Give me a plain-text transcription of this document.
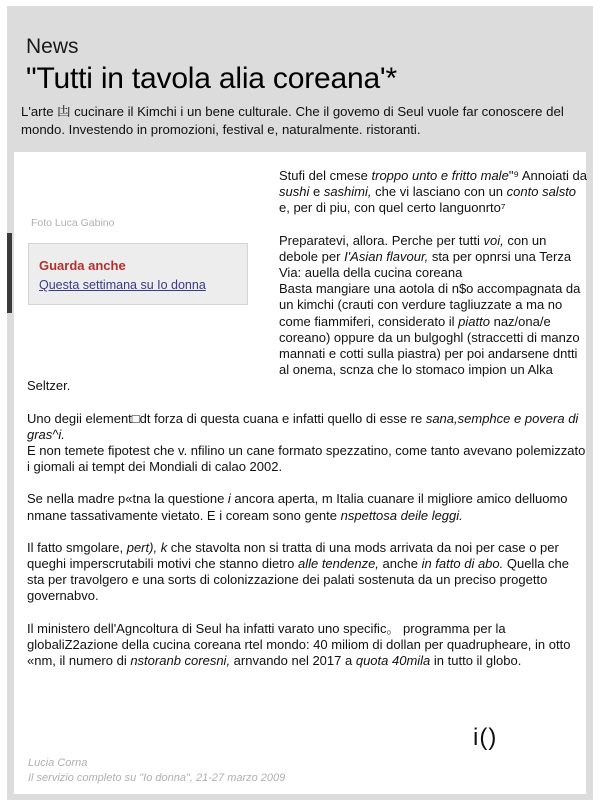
News
"Tutti in tavola alia coreana'*
L'arte 凷 cucinare il Kimchi i un bene culturale. Che il govemo di Seul vuole far conoscere del mondo. Investendo in promozioni, festival e, naturalmente. ristoranti.
Foto Luca Gabino
Guarda anche
Questa settimana su Io donna

Stufi del cmese troppo unto e fritto male"⁹ Annoiati da sushi e sashimi, che vi lasciano con un conto salsto e, per di piu, con quel certo languonrto⁷

Preparatevi, allora. Perche per tutti voi, con un debole per I'Asian flavour, sta per opnrsi una Terza Via: auella della cucina coreana
Basta mangiare una aotola di n$o accompagnata da un kimchi (crauti con verdure tagliuzzate a ma no come fiammiferi, considerato il piatto naz/ona/e coreano) oppure da un bulgoghl (straccetti di manzo mannati e cotti sulla piastra) per poi andarsene dntti al onema, scnza che lo stomaco impion un Alka Seltzer.

Uno degii element□dt forza di questa cuana e infatti quello di esse re sana,semphce e povera di gras^i.
E non temete fipotest che v. nfilino un cane formato spezzatino, come tanto avevano polemizzato i giomali ai tempt dei Mondiali di calao 2002.

Se nella madre p«tna la questione i ancora aperta, m Italia cuanare il migliore amico delluomo nmane tassativamente vietato. E i coream sono gente nspettosa deile leggi.

Il fatto smgolare, pert), k che stavolta non si tratta di una mods arrivata da noi per case o per queghi imperscrutabili motivi che stanno dietro alle tendenze, anche in fatto di abo. Quella che sta per travolgero e una sorts di colonizzazione dei palati sostenuta da un preciso progetto governabvo.

Il ministero dell'Agncoltura di Seul ha infatti varato uno specific。 programma per la globaliZ2azione della cucina coreana rtel mondo: 40 miliom di dollan per quadrupheare, in otto «nm, il numero di nstoranb coresni, arnvando nel 2017 a quota 40mila in tutto il globo.

i()
Lucia Corna
Il servizio completo su "Io donna", 21-27 marzo 2009
